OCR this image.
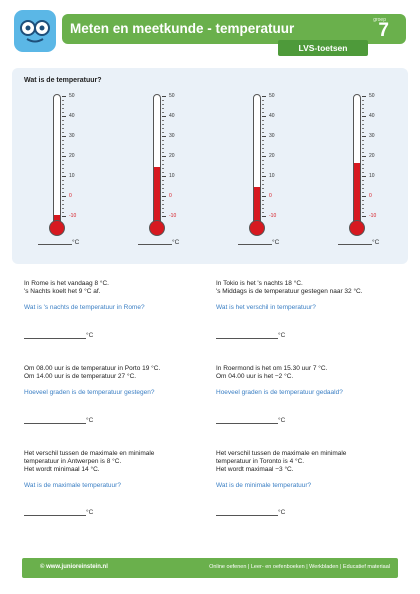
Meten en meetkunde - temperatuur
groep
7
LVS-toetsen
Wat is de temperatuur?
50
40
30
20
10
0
-10
°C
50
40
30
20
10
0
-10
°C
50
40
30
20
10
0
-10
°C
50
40
30
20
10
0
-10
°C
In Rome is het vandaag 8 °C.
's Nachts koelt het 9 °C af.
Wat is 's nachts de temperatuur in Rome?
°C
In Tokio is het 's nachts 18 °C.
's Middags is de temperatuur gestegen naar 32 °C.
Wat is het verschil in temperatuur?
°C
Om 08.00 uur is de temperatuur in Porto 19 °C.
Om 14.00 uur is de temperatuur 27 °C.
Hoeveel graden is de temperatuur gestegen?
°C
In Roermond is het om 15.30 uur 7 °C.
Om 04.00 uur is het −2 °C.
Hoeveel graden is de temperatuur gedaald?
°C
Het verschil tussen de maximale en minimale
temperatuur in Antwerpen is 8 °C.
Het wordt minimaal 14 °C.
Wat is de maximale temperatuur?
°C
Het verschil tussen de maximale en minimale
temperatuur in Toronto is 4 °C.
Het wordt maximaal −3 °C.
Wat is de minimale temperatuur?
°C
© www.junioreinstein.nl	Online oefenen | Leer- en oefenboeken | Werkbladen | Educatief materiaal
